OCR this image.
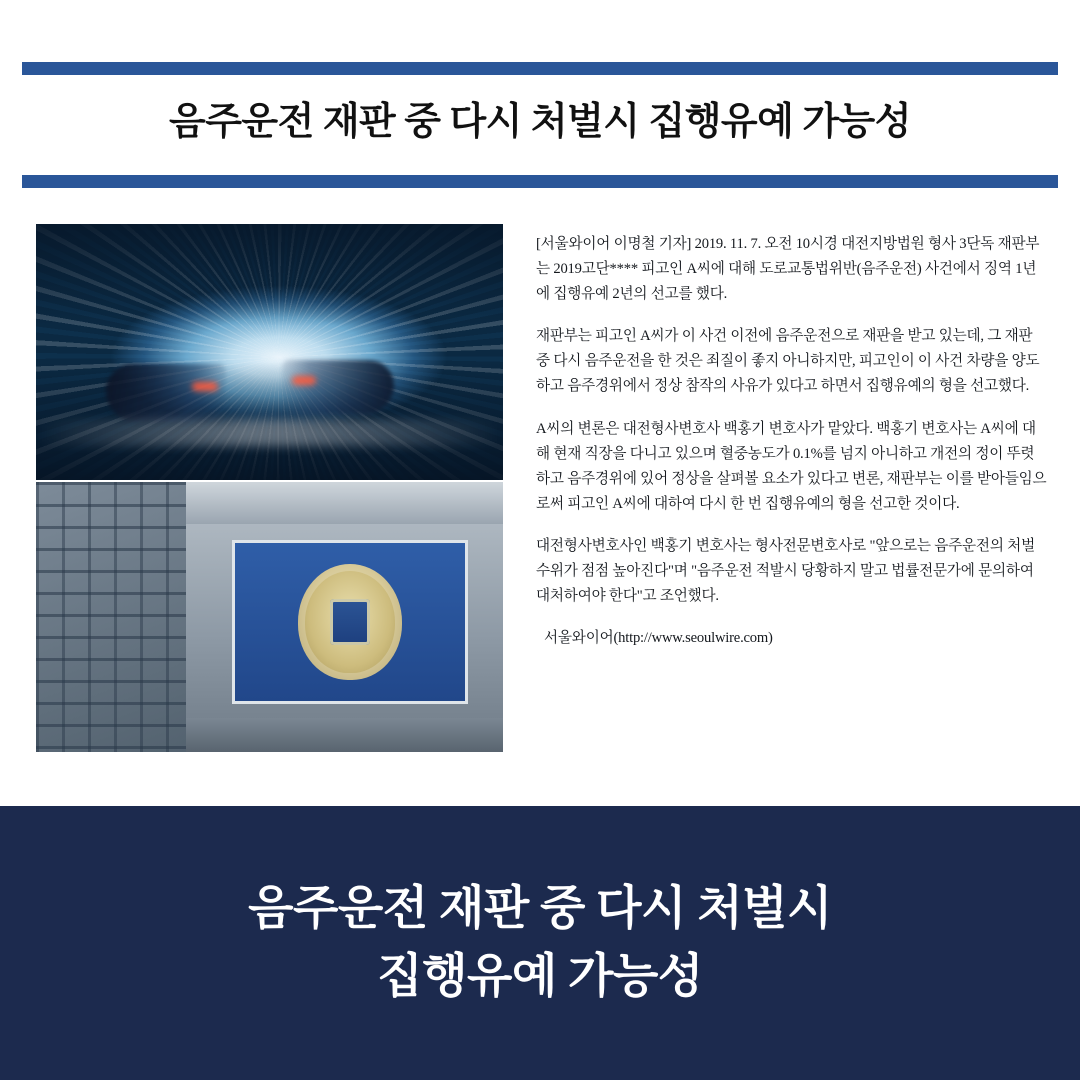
음주운전 재판 중 다시 처벌시 집행유예 가능성

[서울와이어 이명철 기자] 2019. 11. 7. 오전 10시경 대전지방법원 형사 3단독 재판부는 2019고단**** 피고인 A씨에 대해 도로교통법위반(음주운전) 사건에서 징역 1년에 집행유예 2년의 선고를 했다.

재판부는 피고인 A씨가 이 사건 이전에 음주운전으로 재판을 받고 있는데, 그 재판 중 다시 음주운전을 한 것은 죄질이 좋지 아니하지만, 피고인이 이 사건 차량을 양도하고 음주경위에서 정상 참작의 사유가 있다고 하면서 집행유예의 형을 선고했다.

A씨의 변론은 대전형사변호사 백홍기 변호사가 맡았다. 백홍기 변호사는 A씨에 대해 현재 직장을 다니고 있으며 혈중농도가 0.1%를 넘지 아니하고 개전의 정이 뚜렷하고 음주경위에 있어 정상을 살펴볼 요소가 있다고 변론, 재판부는 이를 받아들임으로써 피고인 A씨에 대하여 다시 한 번 집행유예의 형을 선고한 것이다.

대전형사변호사인 백홍기 변호사는 형사전문변호사로 "앞으로는 음주운전의 처벌수위가 점점 높아진다"며 "음주운전 적발시 당황하지 말고 법률전문가에 문의하여 대처하여야 한다"고 조언했다.

서울와이어(http://www.seoulwire.com)

음주운전 재판 중 다시 처벌시
집행유예 가능성
